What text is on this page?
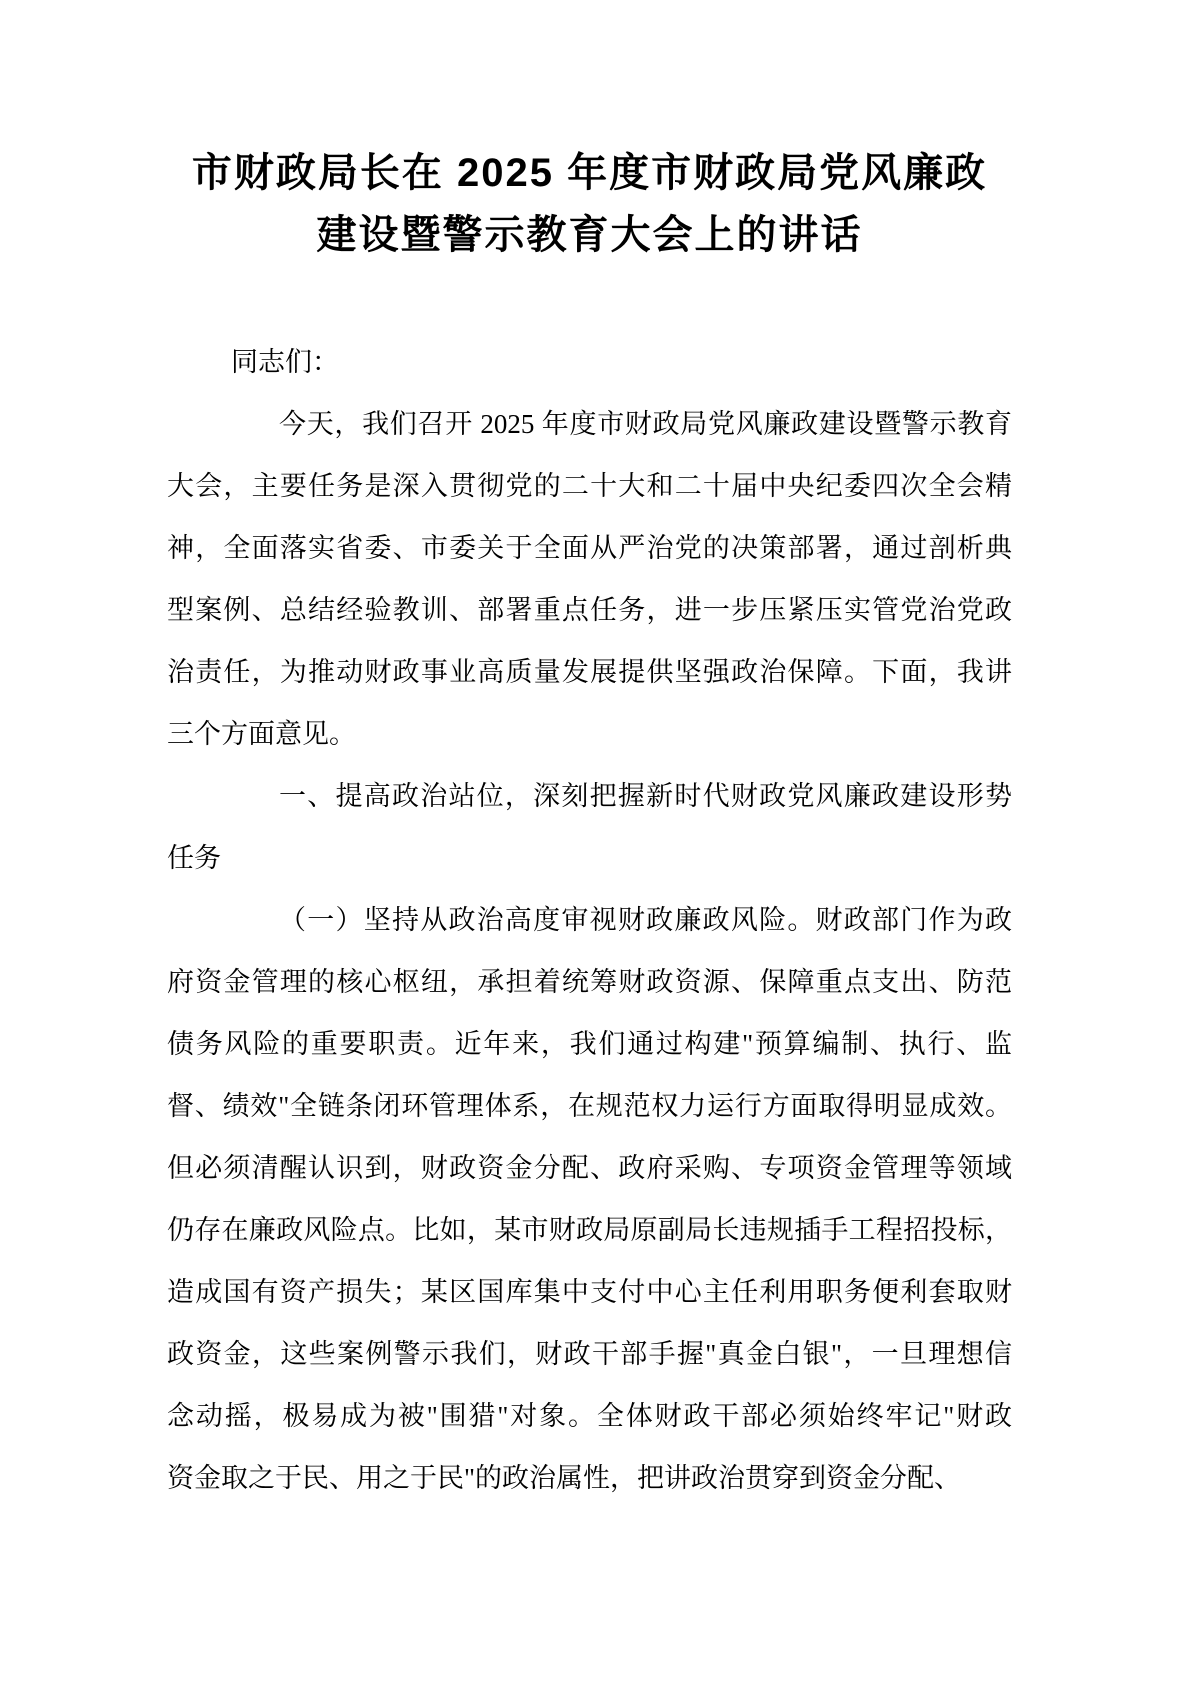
市财政局长在 2025 年度市财政局党风廉政
建设暨警示教育大会上的讲话

同志们：

今天，我们召开 2025 年度市财政局党风廉政建设暨警示教育
大会，主要任务是深入贯彻党的二十大和二十届中央纪委四次全会精
神，全面落实省委、市委关于全面从严治党的决策部署，通过剖析典
型案例、总结经验教训、部署重点任务，进一步压紧压实管党治党政
治责任，为推动财政事业高质量发展提供坚强政治保障。下面，我讲
三个方面意见。

一、提高政治站位，深刻把握新时代财政党风廉政建设形势
任务

（一）坚持从政治高度审视财政廉政风险。财政部门作为政
府资金管理的核心枢纽，承担着统筹财政资源、保障重点支出、防范
债务风险的重要职责。近年来，我们通过构建"预算编制、执行、监
督、绩效"全链条闭环管理体系，在规范权力运行方面取得明显成效。
但必须清醒认识到，财政资金分配、政府采购、专项资金管理等领域
仍存在廉政风险点。比如，某市财政局原副局长违规插手工程招投标，
造成国有资产损失；某区国库集中支付中心主任利用职务便利套取财
政资金，这些案例警示我们，财政干部手握"真金白银"，一旦理想信
念动摇，极易成为被"围猎"对象。全体财政干部必须始终牢记"财政
资金取之于民、用之于民"的政治属性，把讲政治贯穿到资金分配、
